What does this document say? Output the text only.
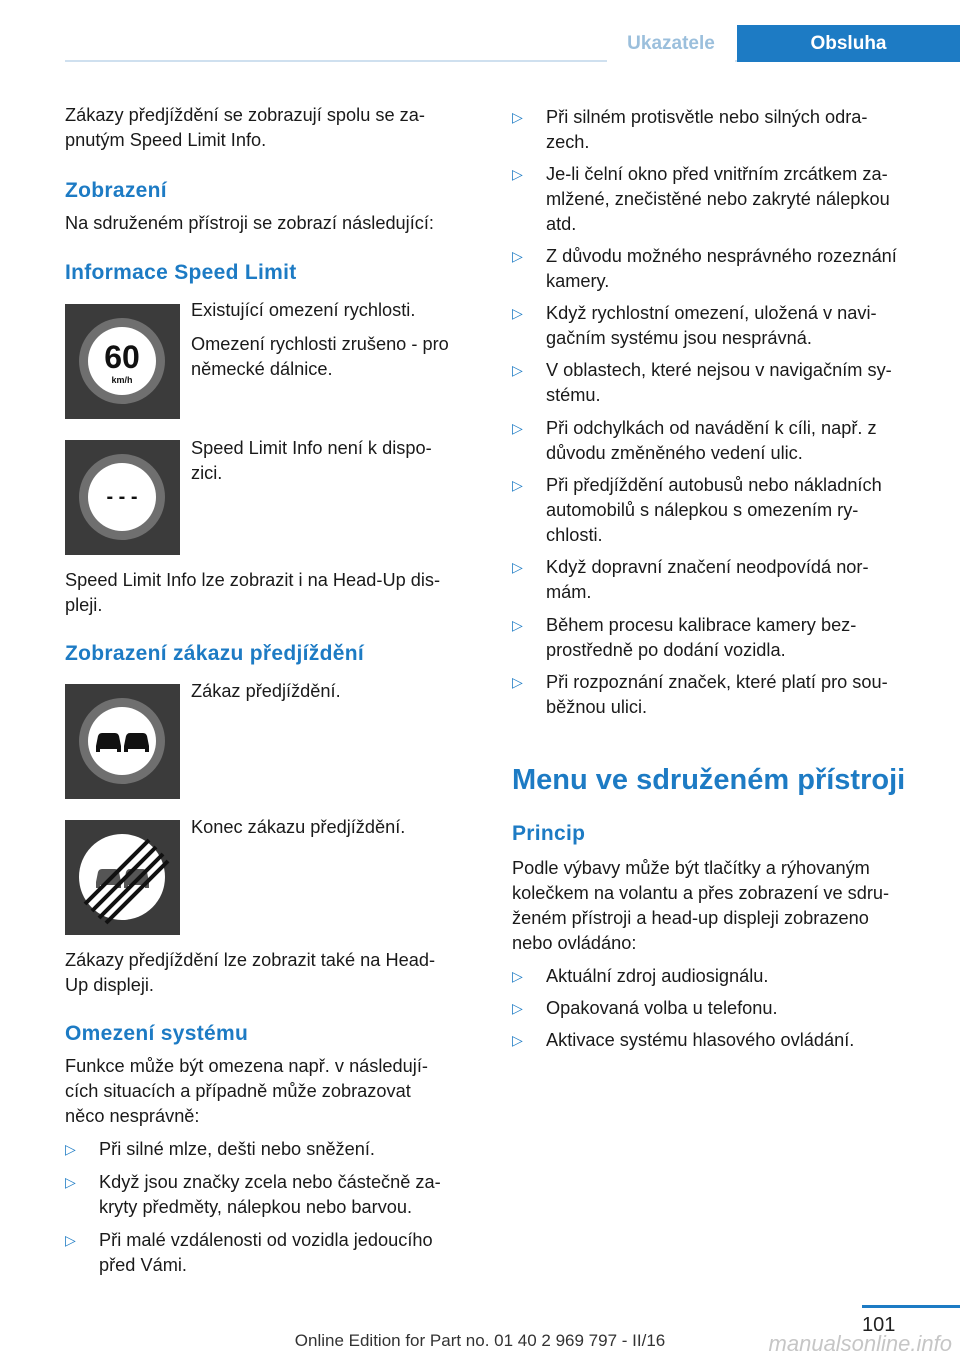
Ukazatele	Obsluha

Zákazy předjíždění se zobrazují spolu se za-
pnutým Speed Limit Info.

Zobrazení

Na sdruženém přístroji se zobrazí následující:

Informace Speed Limit
60
km/h

Existující omezení rychlosti.

Omezení rychlosti zrušeno - pro
německé dálnice.

- - -

Speed Limit Info není k dispo-
zici.

Speed Limit Info lze zobrazit i na Head-Up dis-
pleji.

Zobrazení zákazu předjíždění

Zákaz předjíždění.

Konec zákazu předjíždění.

Zákazy předjíždění lze zobrazit také na Head-
Up displeji.

Omezení systému

Funkce může být omezena např. v následují-
cích situacích a případně může zobrazovat
něco nesprávně:

▷	Při silné mlze, dešti nebo sněžení.
▷	Když jsou značky zcela nebo částečně za-
kryty předměty, nálepkou nebo barvou.
▷	Při malé vzdálenosti od vozidla jedoucího
před Vámi.
▷	Při silném protisvětle nebo silných odra-
zech.
▷	Je-li čelní okno před vnitřním zrcátkem za-
mlžené, znečistěné nebo zakryté nálepkou
atd.
▷	Z důvodu možného nesprávného rozeznání
kamery.
▷	Když rychlostní omezení, uložená v navi-
gačním systému jsou nesprávná.
▷	V oblastech, které nejsou v navigačním sy-
stému.
▷	Při odchylkách od navádění k cíli, např. z
důvodu změněného vedení ulic.
▷	Při předjíždění autobusů nebo nákladních
automobilů s nálepkou s omezením ry-
chlosti.
▷	Když dopravní značení neodpovídá nor-
mám.
▷	Během procesu kalibrace kamery bez-
prostředně po dodání vozidla.
▷	Při rozpoznání značek, které platí pro sou-
běžnou ulici.
Menu ve sdruženém přístroji
Princip

Podle výbavy může být tlačítky a rýhovaným
kolečkem na volantu a přes zobrazení ve sdru-
ženém přístroji a head-up displeji zobrazeno
nebo ovládáno:

▷	Aktuální zdroj audiosignálu.
▷	Opakovaná volba u telefonu.
▷	Aktivace systému hlasového ovládání.
101
Online Edition for Part no. 01 40 2 969 797 - II/16	manualsonline.info
